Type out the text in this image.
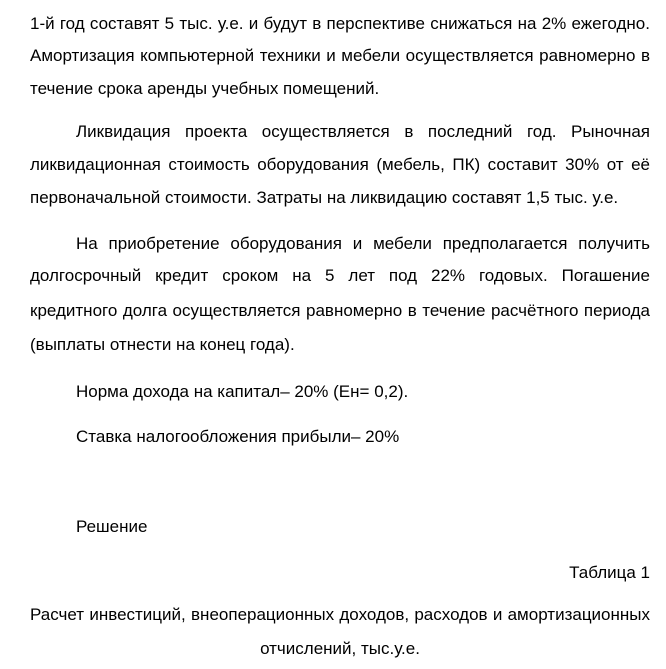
1-й год составят 5 тыс. у.е. и будут в перспективе снижаться на 2% ежегодно.
Амортизация компьютерной техники и мебели осуществляется равномерно в
течение срока аренды учебных помещений.
Ликвидация проекта осуществляется в последний год. Рыночная
ликвидационная стоимость оборудования (мебель, ПК) составит 30% от её
первоначальной стоимости. Затраты на ликвидацию составят 1,5 тыс. у.е.
На приобретение оборудования и мебели предполагается получить
долгосрочный кредит сроком на 5 лет под 22% годовых. Погашение
кредитного долга осуществляется равномерно в течение расчётного периода
(выплаты отнести на конец года).
Норма дохода на капитал– 20% (Ен= 0,2).
Ставка налогообложения прибыли– 20%
Решение
Таблица 1
Расчет инвестиций, внеоперационных доходов, расходов и амортизационных
отчислений, тыс.у.е.
